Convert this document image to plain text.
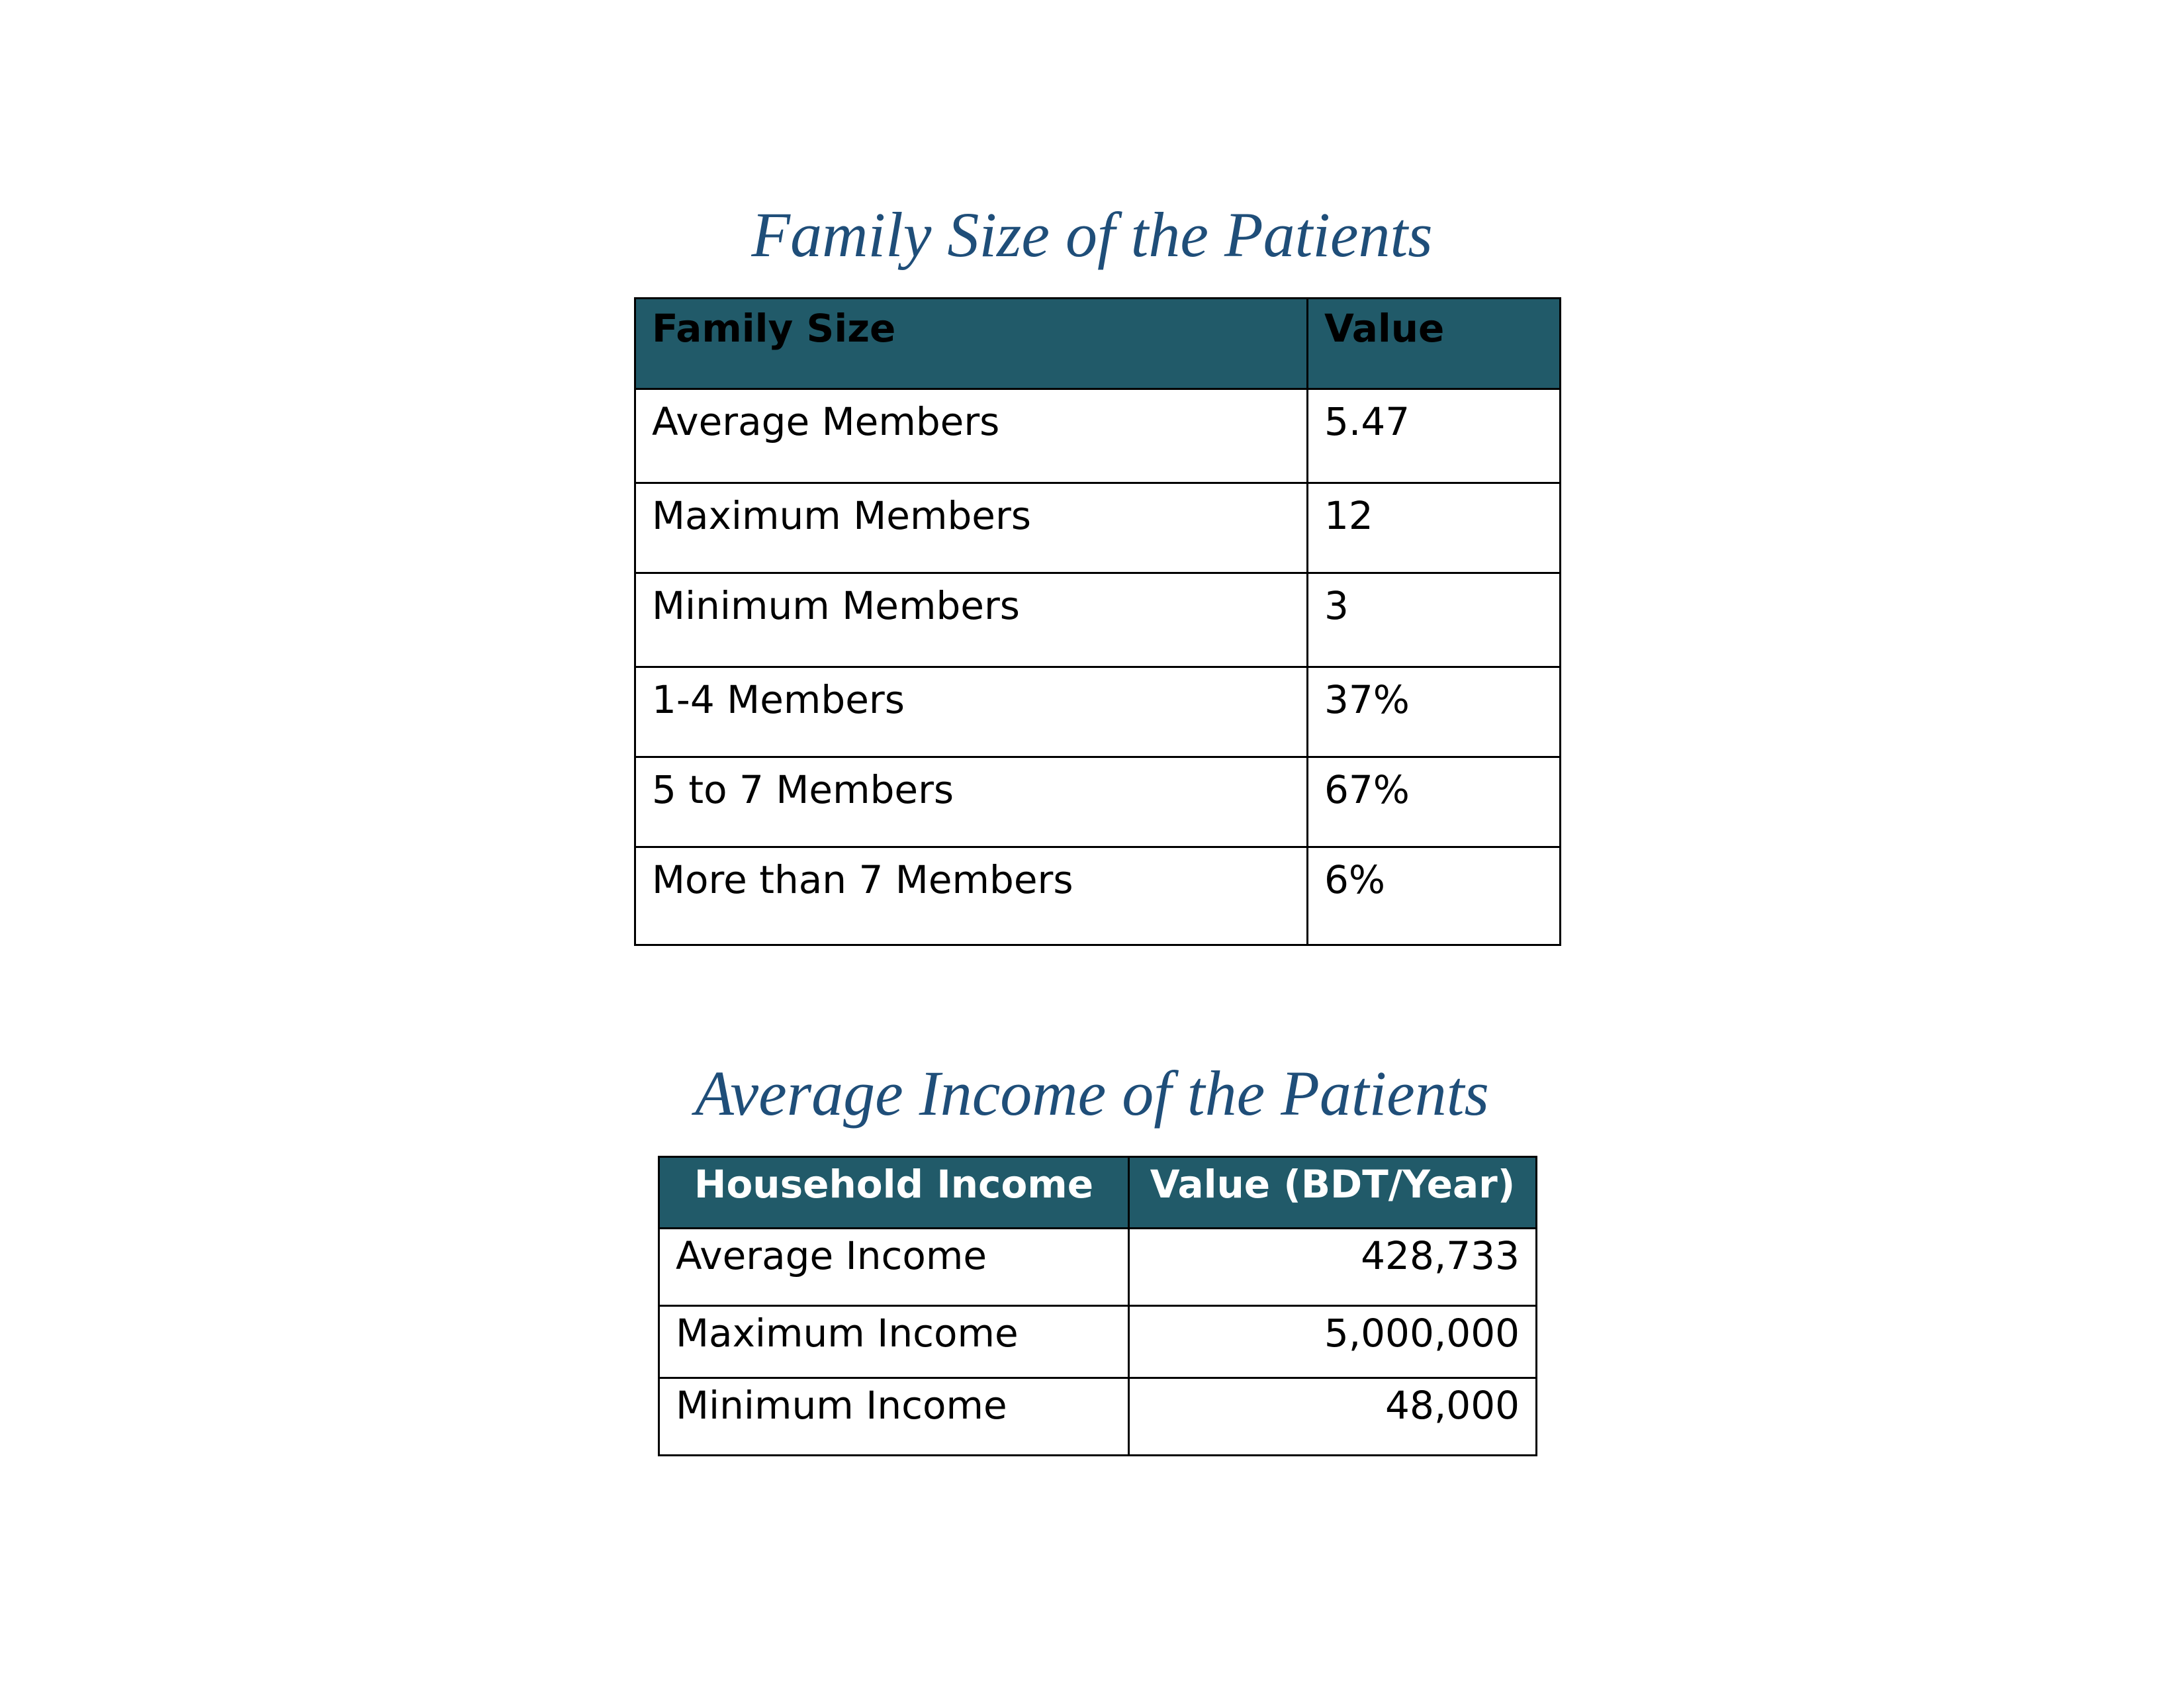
Family Size of the Patients
Family Size	Value
Average Members	5.47
Maximum Members	12
Minimum Members	3
1-4 Members	37%
5 to 7 Members	67%
More than 7 Members	6%
Average Income of the Patients
Household Income	Value (BDT/Year)
Average Income	428,733
Maximum Income	5,000,000
Minimum Income	48,000
